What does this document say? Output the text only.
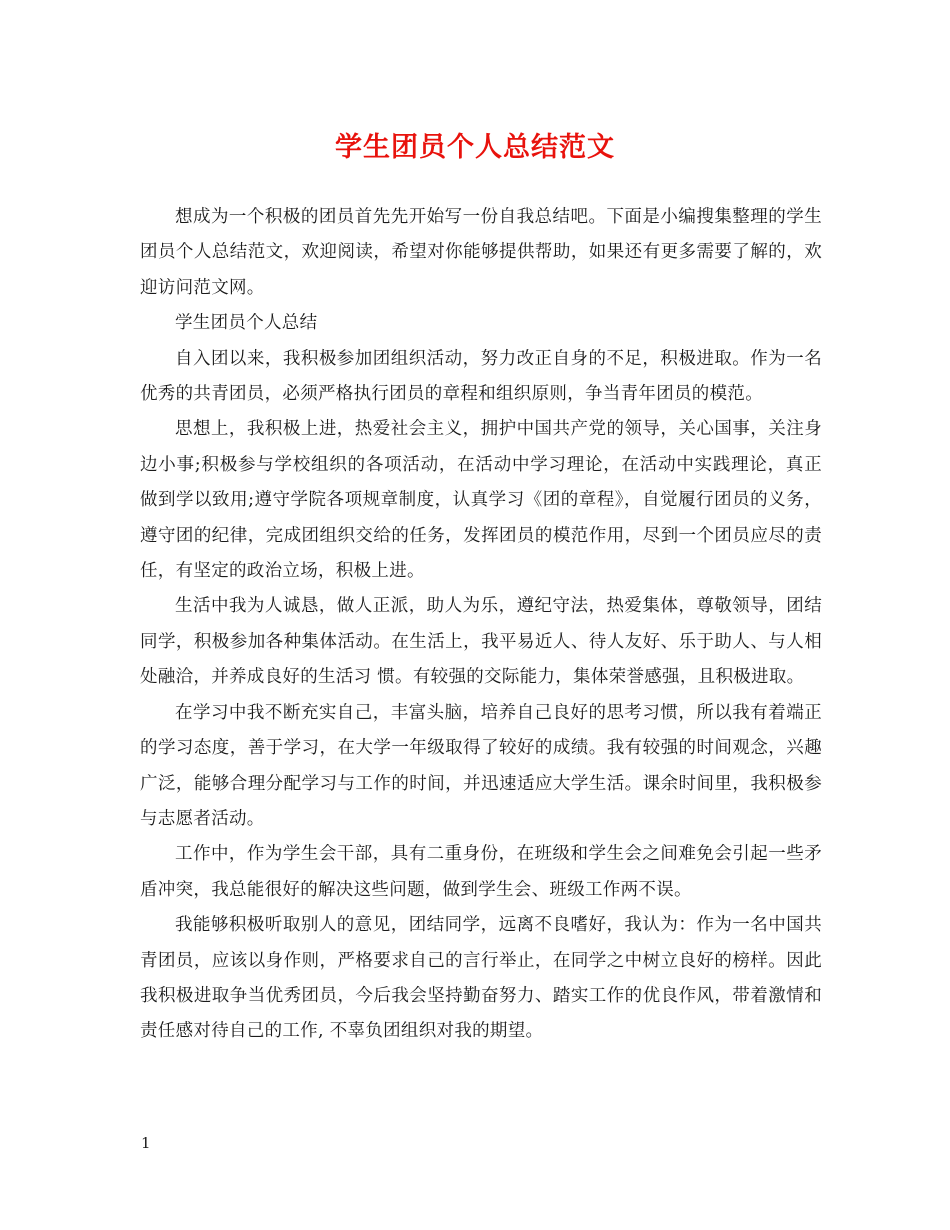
学生团员个人总结范文

想成为一个积极的团员首先先开始写一份自我总结吧。下面是小编搜集整理的学生团员个人总结范文，欢迎阅读，希望对你能够提供帮助，如果还有更多需要了解的，欢迎访问范文网。

学生团员个人总结

自入团以来，我积极参加团组织活动，努力改正自身的不足，积极进取。作为一名优秀的共青团员，必须严格执行团员的章程和组织原则，争当青年团员的模范。

思想上，我积极上进，热爱社会主义，拥护中国共产党的领导，关心国事，关注身边小事;积极参与学校组织的各项活动，在活动中学习理论，在活动中实践理论，真正做到学以致用;遵守学院各项规章制度，认真学习《团的章程》，自觉履行团员的义务，遵守团的纪律，完成团组织交给的任务，发挥团员的模范作用，尽到一个团员应尽的责任，有坚定的政治立场，积极上进。

生活中我为人诚恳，做人正派，助人为乐，遵纪守法，热爱集体，尊敬领导，团结同学，积极参加各种集体活动。在生活上，我平易近人、待人友好、乐于助人、与人相处融洽，并养成良好的生活习 惯。有较强的交际能力，集体荣誉感强，且积极进取。

在学习中我不断充实自己，丰富头脑，培养自己良好的思考习惯，所以我有着端正的学习态度，善于学习，在大学一年级取得了较好的成绩。我有较强的时间观念，兴趣广泛，能够合理分配学习与工作的时间，并迅速适应大学生活。课余时间里，我积极参与志愿者活动。

工作中，作为学生会干部，具有二重身份，在班级和学生会之间难免会引起一些矛盾冲突，我总能很好的解决这些问题，做到学生会、班级工作两不误。

我能够积极听取别人的意见，团结同学，远离不良嗜好，我认为：作为一名中国共青团员，应该以身作则，严格要求自己的言行举止，在同学之中树立良好的榜样。因此我积极进取争当优秀团员，今后我会坚持勤奋努力、踏实工作的优良作风，带着激情和责任感对待自己的工作, 不辜负团组织对我的期望。

1
